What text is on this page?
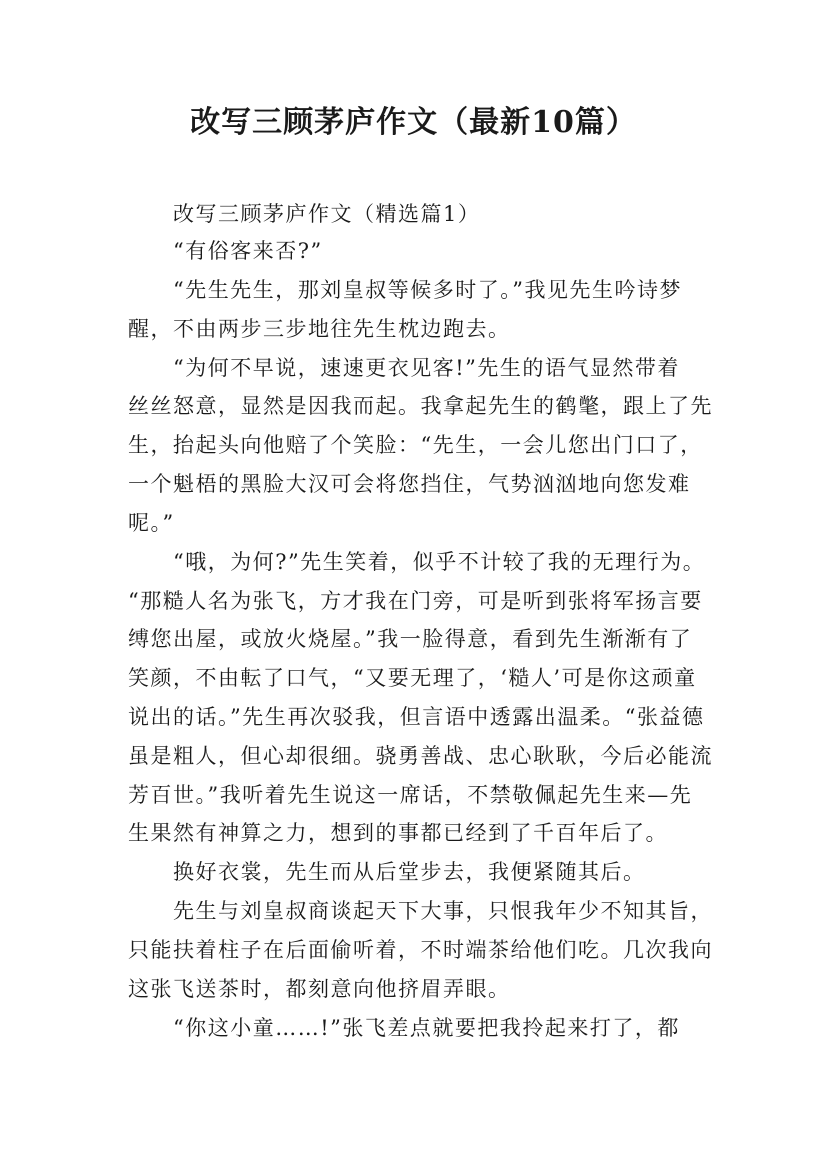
改写三顾茅庐作文（最新10篇）
改写三顾茅庐作文（精选篇1）
“有俗客来否?”
“先生先生，那刘皇叔等候多时了。”我见先生吟诗梦
醒，不由两步三步地往先生枕边跑去。
“为何不早说，速速更衣见客!”先生的语气显然带着
丝丝怒意，显然是因我而起。我拿起先生的鹤氅，跟上了先
生，抬起头向他赔了个笑脸：“先生，一会儿您出门口了，
一个魁梧的黑脸大汉可会将您挡住，气势汹汹地向您发难
呢。”
“哦，为何?”先生笑着，似乎不计较了我的无理行为。
“那糙人名为张飞，方才我在门旁，可是听到张将军扬言要
缚您出屋，或放火烧屋。”我一脸得意，看到先生渐渐有了
笑颜，不由転了口气，“又要无理了，‘糙人’可是你这顽童
说出的话。”先生再次驳我，但言语中透露出温柔。“张益德
虽是粗人，但心却很细。骁勇善战、忠心耿耿，今后必能流
芳百世。”我听着先生说这一席话，不禁敬佩起先生来—先
生果然有神算之力，想到的事都已经到了千百年后了。
换好衣裳，先生而从后堂步去，我便紧随其后。
先生与刘皇叔商谈起天下大事，只恨我年少不知其旨，
只能扶着柱子在后面偷听着，不时端茶给他们吃。几次我向
这张飞送茶时，都刻意向他挤眉弄眼。
“你这小童……!”张飞差点就要把我拎起来打了，都
